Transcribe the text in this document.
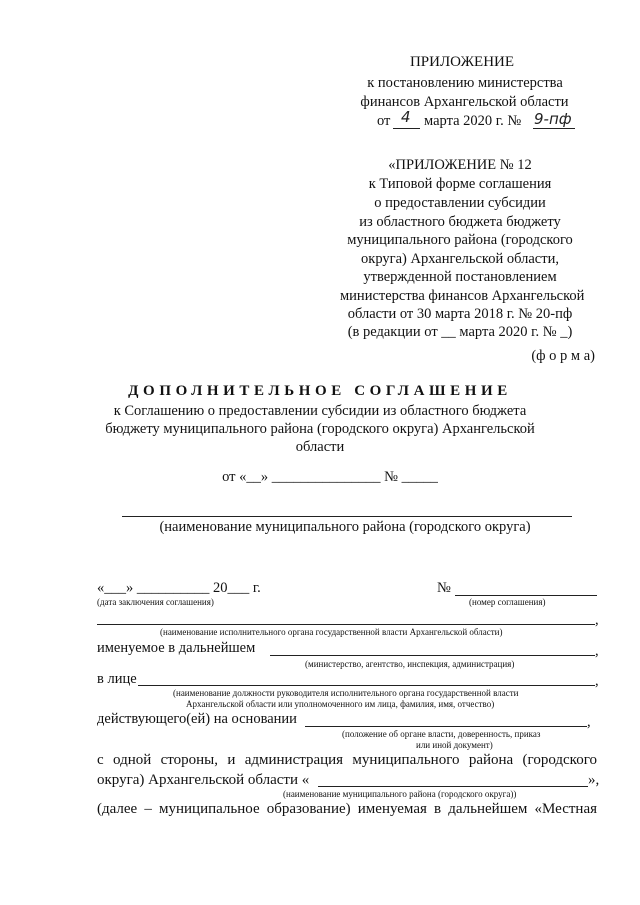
ПРИЛОЖЕНИЕ
к постановлению министерства
финансов Архангельской области
от 4 марта 2020 г. № 9-пф
«ПРИЛОЖЕНИЕ № 12
к Типовой форме соглашения
о предоставлении субсидии
из областного бюджета бюджету
муниципального района (городского
округа) Архангельской области,
утвержденной постановлением
министерства финансов Архангельской
области от 30 марта 2018 г. № 20-пф
(в редакции от __ марта 2020 г. № _)
(ф о р м а)
ДОПОЛНИТЕЛЬНОЕ СОГЛАШЕНИЕ
к Соглашению о предоставлении субсидии из областного бюджета
бюджету муниципального района (городского округа) Архангельской
области
от «__» _______________ № _____
(наименование муниципального района (городского округа)
«___» __________ 20___ г.
(дата заключения соглашения)
№
(номер соглашения)
,
(наименование исполнительного органа государственной власти Архангельской области)
именуемое в дальнейшем	,
(министерство, агентство, инспекция, администрация)
в лице	,
(наименование должности руководителя исполнительного органа государственной власти
Архангельской области или уполномоченного им лица, фамилия, имя, отчество)
действующего(ей) на основании	,
(положение об органе власти, доверенность, приказ
или иной документ)
с одной стороны, и администрация муниципального района (городского
округа) Архангельской области «	»,
(наименование муниципального района (городского округа))
(далее – муниципальное образование) именуемая в дальнейшем «Местная
